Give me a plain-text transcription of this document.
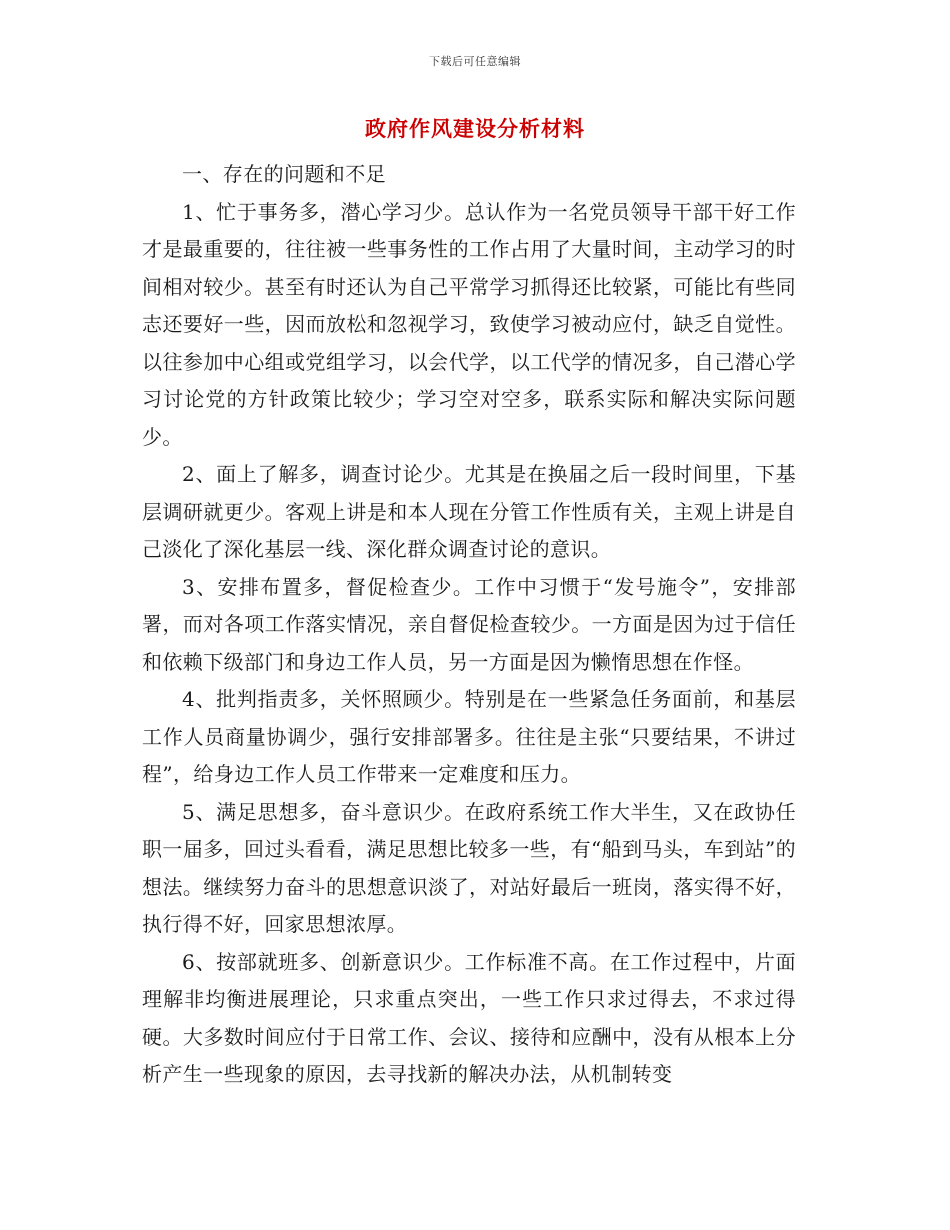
下载后可任意编辑
政府作风建设分析材料

一、存在的问题和不足

1、忙于事务多，潜心学习少。总认作为一名党员领导干部干好工作才是最重要的，往往被一些事务性的工作占用了大量时间，主动学习的时间相对较少。甚至有时还认为自己平常学习抓得还比较紧，可能比有些同志还要好一些，因而放松和忽视学习，致使学习被动应付，缺乏自觉性。以往参加中心组或党组学习，以会代学，以工代学的情况多，自己潜心学习讨论党的方针政策比较少；学习空对空多，联系实际和解决实际问题少。

2、面上了解多，调查讨论少。尤其是在换届之后一段时间里，下基层调研就更少。客观上讲是和本人现在分管工作性质有关，主观上讲是自己淡化了深化基层一线、深化群众调查讨论的意识。

3、安排布置多，督促检查少。工作中习惯于“发号施令”，安排部署，而对各项工作落实情况，亲自督促检查较少。一方面是因为过于信任和依赖下级部门和身边工作人员，另一方面是因为懒惰思想在作怪。

4、批判指责多，关怀照顾少。特别是在一些紧急任务面前，和基层工作人员商量协调少，强行安排部署多。往往是主张“只要结果，不讲过程”，给身边工作人员工作带来一定难度和压力。

5、满足思想多，奋斗意识少。在政府系统工作大半生，又在政协任职一届多，回过头看看，满足思想比较多一些，有“船到马头，车到站”的想法。继续努力奋斗的思想意识淡了，对站好最后一班岗，落实得不好，执行得不好，回家思想浓厚。

6、按部就班多、创新意识少。工作标准不高。在工作过程中，片面理解非均衡进展理论，只求重点突出，一些工作只求过得去，不求过得硬。大多数时间应付于日常工作、会议、接待和应酬中，没有从根本上分析产生一些现象的原因，去寻找新的解决办法，从机制转变
